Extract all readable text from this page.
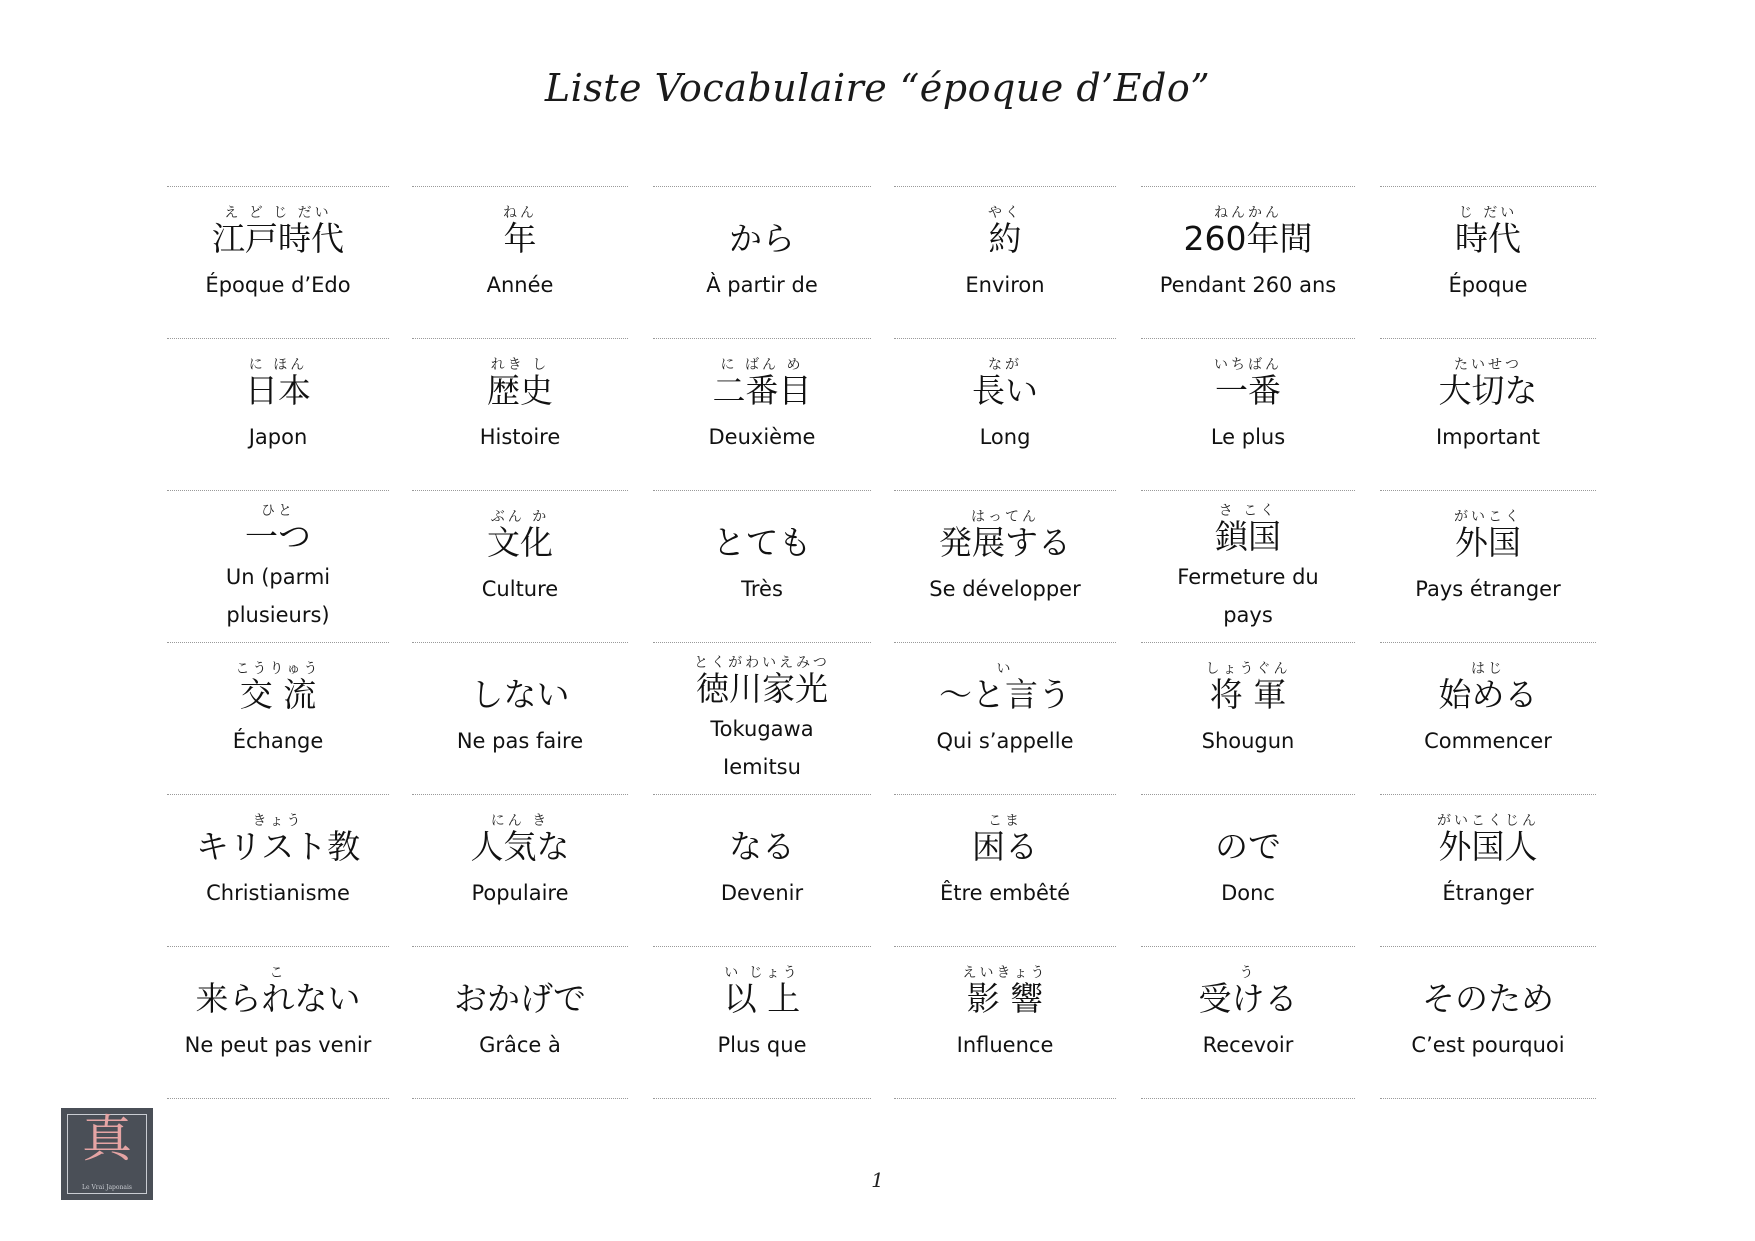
Liste Vocabulaire “époque d’Edo”
え ど じ だい
江戸時代
Époque d’Edo
ねん
年
Année
から
À partir de
やく
約
Environ
ねんかん
260年間
Pendant 260 ans
じ だい
時代
Époque
に ほん
日本
Japon
れき し
歴史
Histoire
に ばん め
二番目
Deuxième
なが
長い
Long
いちばん
一番
Le plus
たいせつ
大切な
Important
ひと
一つ
Un (parmi plusieurs)
ぶん か
文化
Culture
とても
Très
はってん
発展する
Se développer
さ こく
鎖国
Fermeture du pays
がいこく
外国
Pays étranger
こうりゅう
交 流
Échange
しない
Ne pas faire
とくがわいえみつ
徳川家光
Tokugawa Iemitsu
い
～と言う
Qui s’appelle
しょうぐん
将 軍
Shougun
はじ
始める
Commencer
きょう
キリスト教
Christianisme
にん き
人気な
Populaire
なる
Devenir
こま
困る
Être embêté
ので
Donc
がいこくじん
外国人
Étranger
こ
来られない
Ne peut pas venir
おかげで
Grâce à
い じょう
以 上
Plus que
えいきょう
影 響
Influence
う
受ける
Recevoir
そのため
C’est pourquoi
真
Le Vrai Japonais	1
